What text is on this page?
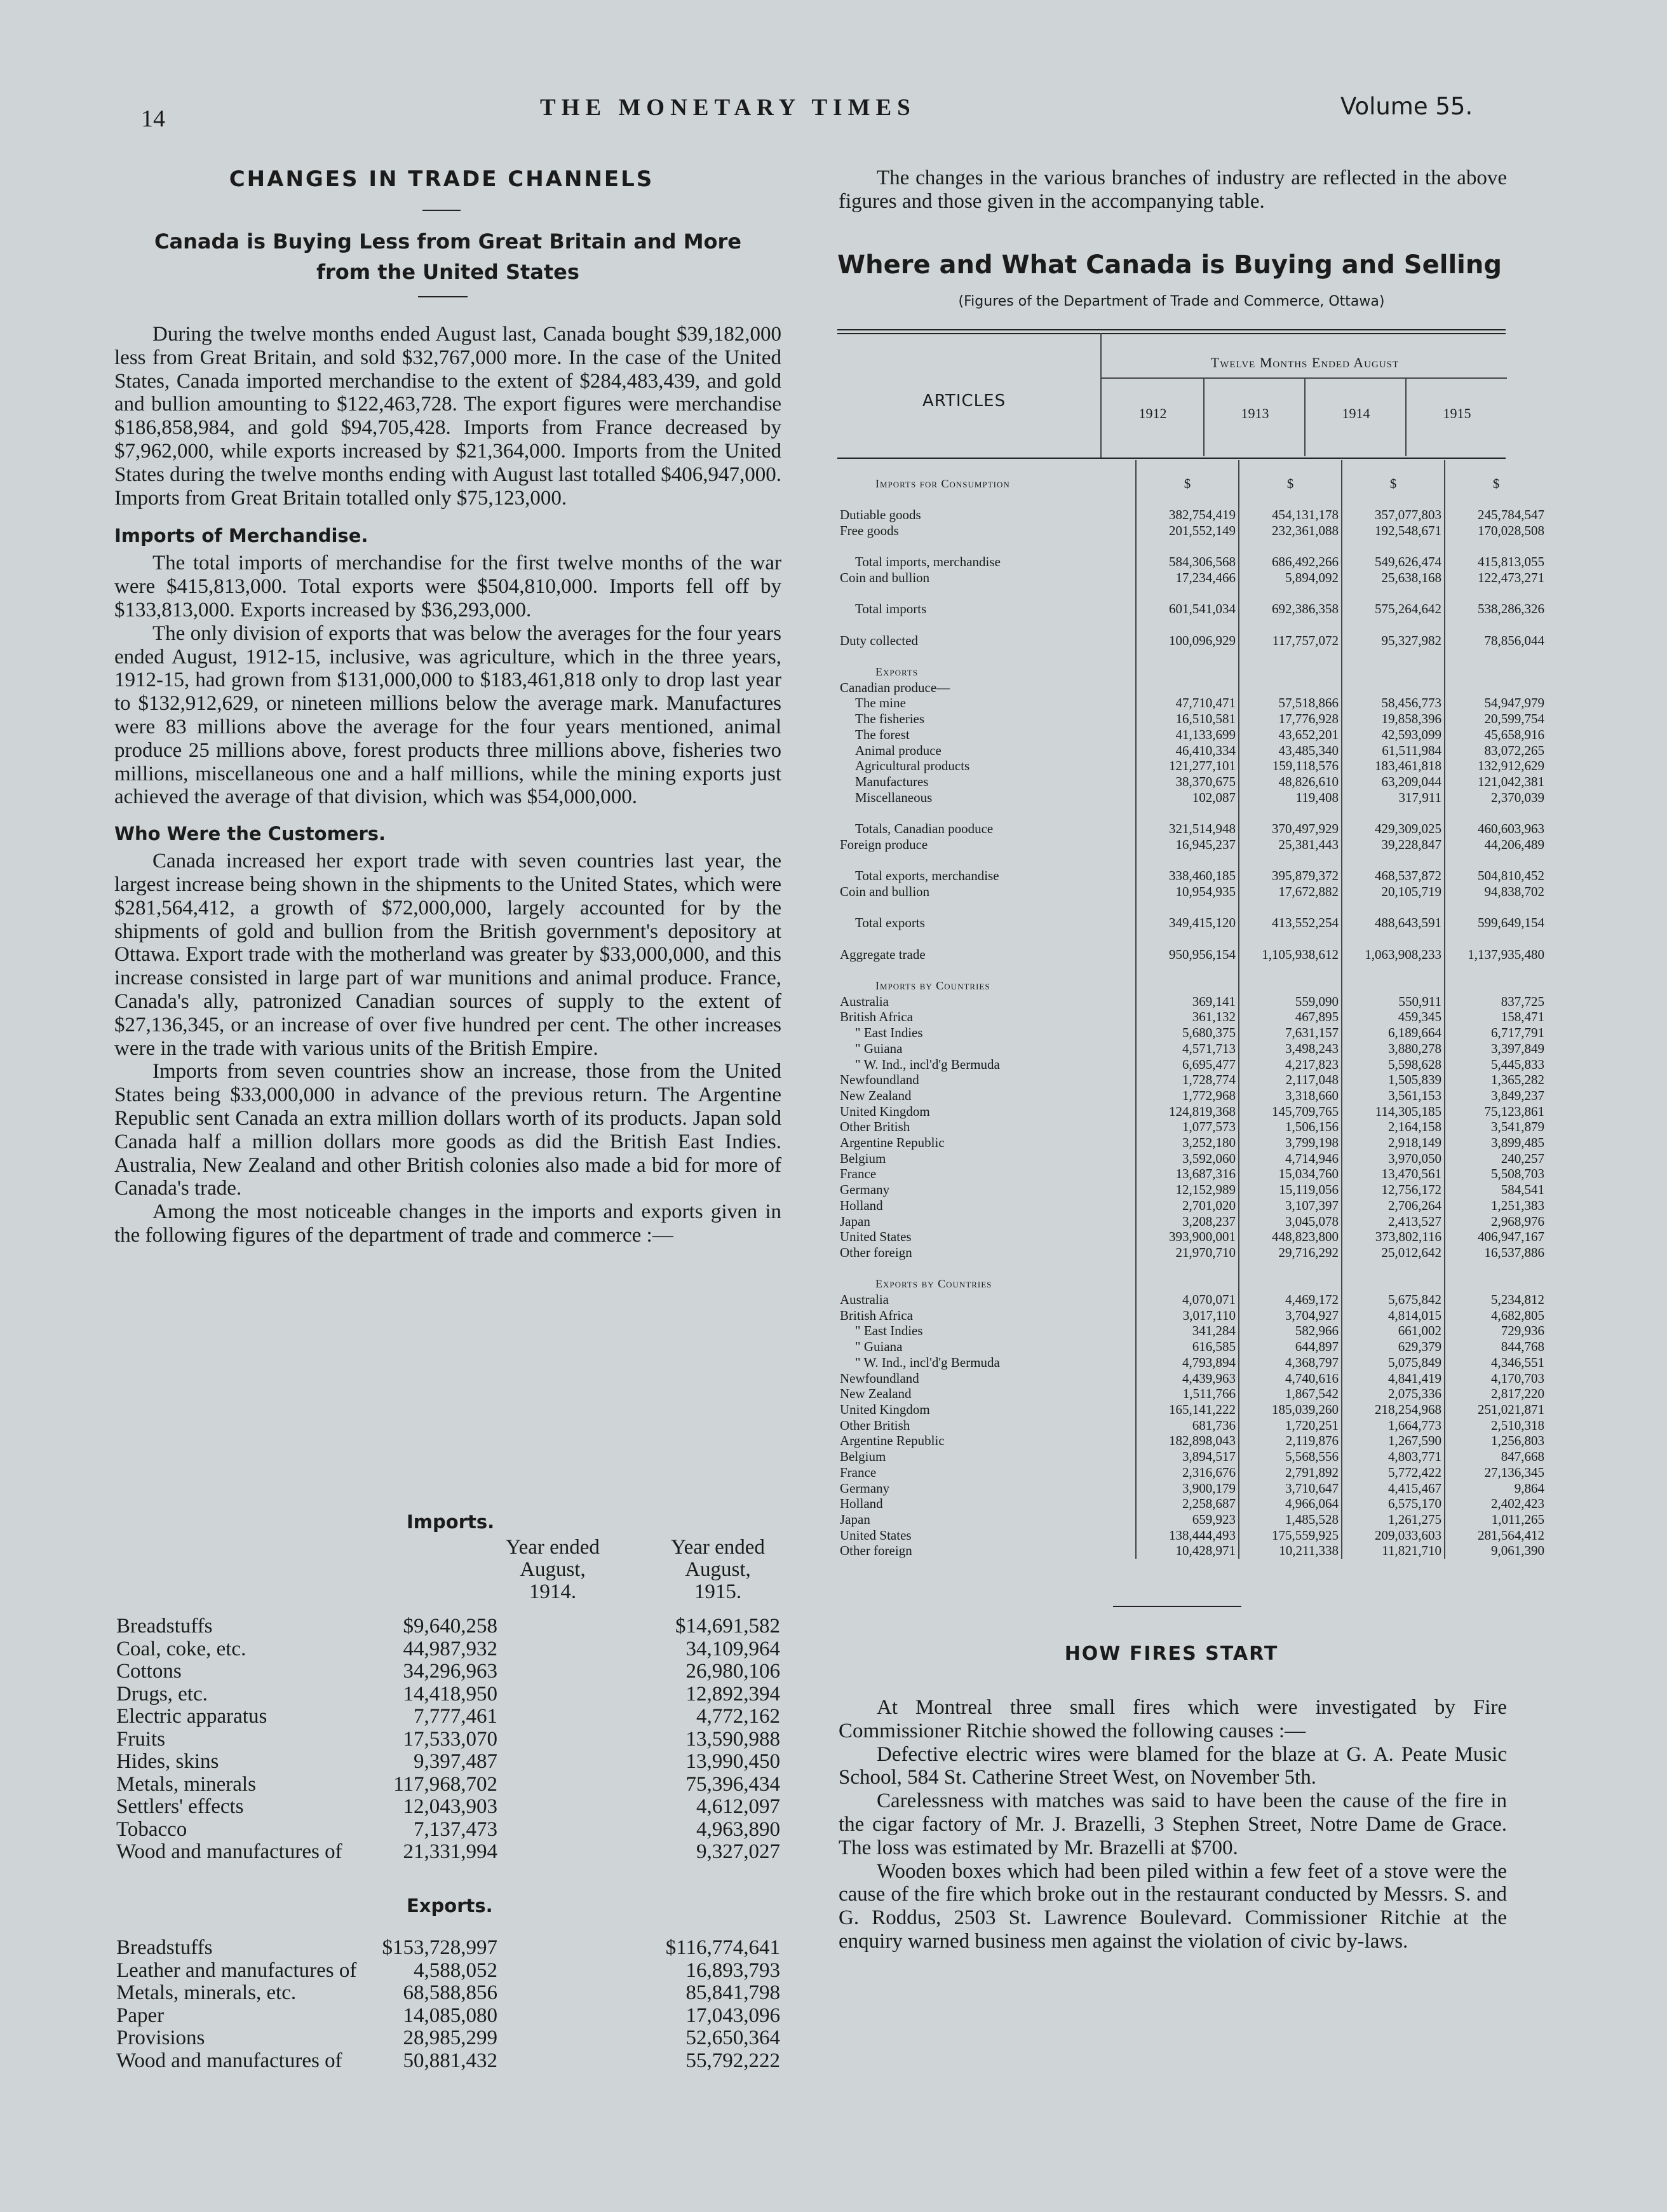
14	THE MONETARY TIMES	Volume 55.
CHANGES IN TRADE CHANNELS
Canada is Buying Less from Great Britain and More from the United States

During the twelve months ended August last, Canada bought $39,182,000 less from Great Britain, and sold $32,767,000 more. In the case of the United States, Canada imported merchandise to the extent of $284,483,439, and gold and bullion amounting to $122,463,728. The export figures were merchandise $186,858,984, and gold $94,705,428. Imports from France decreased by $7,962,000, while exports increased by $21,364,000. Imports from the United States during the twelve months ending with August last totalled $406,947,000. Imports from Great Britain totalled only $75,123,000.

Imports of Merchandise.

The total imports of merchandise for the first twelve months of the war were $415,813,000. Total exports were $504,810,000. Imports fell off by $133,813,000. Exports increased by $36,293,000.

The only division of exports that was below the averages for the four years ended August, 1912-15, inclusive, was agriculture, which in the three years, 1912-15, had grown from $131,000,000 to $183,461,818 only to drop last year to $132,912,629, or nineteen millions below the average mark. Manufactures were 83 millions above the average for the four years mentioned, animal produce 25 millions above, forest products three millions above, fisheries two millions, miscellaneous one and a half millions, while the mining exports just achieved the average of that division, which was $54,000,000.

Who Were the Customers.

Canada increased her export trade with seven countries last year, the largest increase being shown in the shipments to the United States, which were $281,564,412, a growth of $72,000,000, largely accounted for by the shipments of gold and bullion from the British government's depository at Ottawa. Export trade with the motherland was greater by $33,000,000, and this increase consisted in large part of war munitions and animal produce. France, Canada's ally, patronized Canadian sources of supply to the extent of $27,136,345, or an increase of over five hundred per cent. The other increases were in the trade with various units of the British Empire.

Imports from seven countries show an increase, those from the United States being $33,000,000 in advance of the previous return. The Argentine Republic sent Canada an extra million dollars worth of its products. Japan sold Canada half a million dollars more goods as did the British East Indies. Australia, New Zealand and other British colonies also made a bid for more of Canada's trade.

Among the most noticeable changes in the imports and exports given in the following figures of the department of trade and commerce :—

Imports.
Year ended
August,
1914.
Year ended
August,
1915.
Breadstuffs	$9,640,258	$14,691,582
Coal, coke, etc.	44,987,932	34,109,964
Cottons	34,296,963	26,980,106
Drugs, etc.	14,418,950	12,892,394
Electric apparatus	7,777,461	4,772,162
Fruits	17,533,070	13,590,988
Hides, skins	9,397,487	13,990,450
Metals, minerals	117,968,702	75,396,434
Settlers' effects	12,043,903	4,612,097
Tobacco	7,137,473	4,963,890
Wood and manufactures of	21,331,994	9,327,027
Exports.
Breadstuffs	$153,728,997	$116,774,641
Leather and manufactures of	4,588,052	16,893,793
Metals, minerals, etc.	68,588,856	85,841,798
Paper	14,085,080	17,043,096
Provisions	28,985,299	52,650,364
Wood and manufactures of	50,881,432	55,792,222

The changes in the various branches of industry are reflected in the above figures and those given in the accompanying table.

Where and What Canada is Buying and Selling
(Figures of the Department of Trade and Commerce, Ottawa)
ARTICLES
Twelve Months Ended August
1912	1913	1914	1915

Imports for Consumption	$	$	$	$

Dutiable goods	382,754,419	454,131,178	357,077,803	245,784,547
Free goods	201,552,149	232,361,088	192,548,671	170,028,508

Total imports, merchandise	584,306,568	686,492,266	549,626,474	415,813,055
Coin and bullion	17,234,466	5,894,092	25,638,168	122,473,271

Total imports	601,541,034	692,386,358	575,264,642	538,286,326

Duty collected	100,096,929	117,757,072	95,327,982	78,856,044

Exports				
Canadian produce—				
The mine	47,710,471	57,518,866	58,456,773	54,947,979
The fisheries	16,510,581	17,776,928	19,858,396	20,599,754
The forest	41,133,699	43,652,201	42,593,099	45,658,916
Animal produce	46,410,334	43,485,340	61,511,984	83,072,265
Agricultural products	121,277,101	159,118,576	183,461,818	132,912,629
Manufactures	38,370,675	48,826,610	63,209,044	121,042,381
Miscellaneous	102,087	119,408	317,911	2,370,039

Totals, Canadian pooduce	321,514,948	370,497,929	429,309,025	460,603,963
Foreign produce	16,945,237	25,381,443	39,228,847	44,206,489

Total exports, merchandise	338,460,185	395,879,372	468,537,872	504,810,452
Coin and bullion	10,954,935	17,672,882	20,105,719	94,838,702

Total exports	349,415,120	413,552,254	488,643,591	599,649,154

Aggregate trade	950,956,154	1,105,938,612	1,063,908,233	1,137,935,480

Imports by Countries				
Australia	369,141	559,090	550,911	837,725
British Africa	361,132	467,895	459,345	158,471
" East Indies	5,680,375	7,631,157	6,189,664	6,717,791
" Guiana	4,571,713	3,498,243	3,880,278	3,397,849
" W. Ind., incl'd'g Bermuda	6,695,477	4,217,823	5,598,628	5,445,833
Newfoundland	1,728,774	2,117,048	1,505,839	1,365,282
New Zealand	1,772,968	3,318,660	3,561,153	3,849,237
United Kingdom	124,819,368	145,709,765	114,305,185	75,123,861
Other British	1,077,573	1,506,156	2,164,158	3,541,879
Argentine Republic	3,252,180	3,799,198	2,918,149	3,899,485
Belgium	3,592,060	4,714,946	3,970,050	240,257
France	13,687,316	15,034,760	13,470,561	5,508,703
Germany	12,152,989	15,119,056	12,756,172	584,541
Holland	2,701,020	3,107,397	2,706,264	1,251,383
Japan	3,208,237	3,045,078	2,413,527	2,968,976
United States	393,900,001	448,823,800	373,802,116	406,947,167
Other foreign	21,970,710	29,716,292	25,012,642	16,537,886

Exports by Countries				
Australia	4,070,071	4,469,172	5,675,842	5,234,812
British Africa	3,017,110	3,704,927	4,814,015	4,682,805
" East Indies	341,284	582,966	661,002	729,936
" Guiana	616,585	644,897	629,379	844,768
" W. Ind., incl'd'g Bermuda	4,793,894	4,368,797	5,075,849	4,346,551
Newfoundland	4,439,963	4,740,616	4,841,419	4,170,703
New Zealand	1,511,766	1,867,542	2,075,336	2,817,220
United Kingdom	165,141,222	185,039,260	218,254,968	251,021,871
Other British	681,736	1,720,251	1,664,773	2,510,318
Argentine Republic	182,898,043	2,119,876	1,267,590	1,256,803
Belgium	3,894,517	5,568,556	4,803,771	847,668
France	2,316,676	2,791,892	5,772,422	27,136,345
Germany	3,900,179	3,710,647	4,415,467	9,864
Holland	2,258,687	4,966,064	6,575,170	2,402,423
Japan	659,923	1,485,528	1,261,275	1,011,265
United States	138,444,493	175,559,925	209,033,603	281,564,412
Other foreign	10,428,971	10,211,338	11,821,710	9,061,390
HOW FIRES START

At Montreal three small fires which were investigated by Fire Commissioner Ritchie showed the following causes :—

Defective electric wires were blamed for the blaze at G. A. Peate Music School, 584 St. Catherine Street West, on November 5th.

Carelessness with matches was said to have been the cause of the fire in the cigar factory of Mr. J. Brazelli, 3 Stephen Street, Notre Dame de Grace. The loss was estimated by Mr. Brazelli at $700.

Wooden boxes which had been piled within a few feet of a stove were the cause of the fire which broke out in the restaurant conducted by Messrs. S. and G. Roddus, 2503 St. Lawrence Boulevard. Commissioner Ritchie at the enquiry warned business men against the violation of civic by-laws.
